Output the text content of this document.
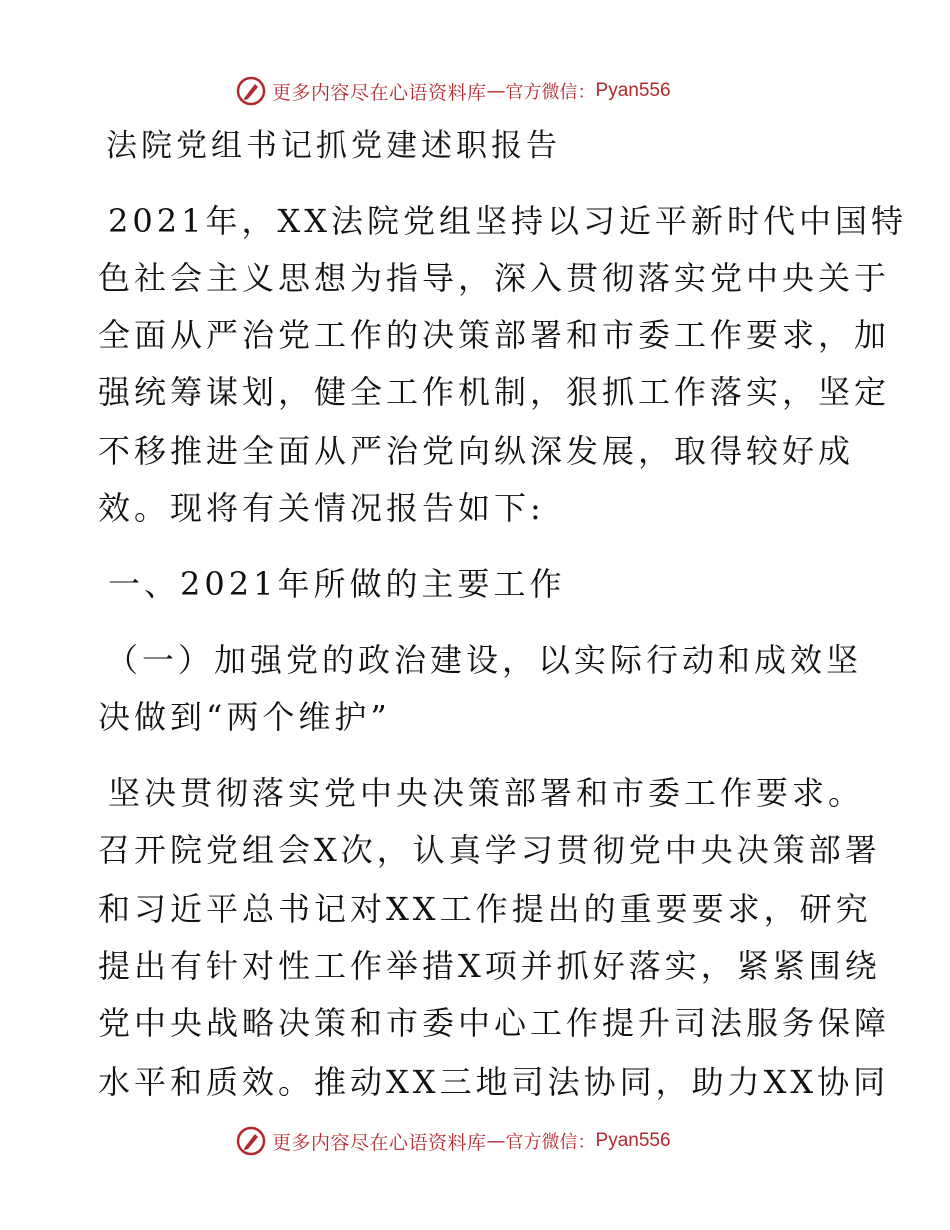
更多内容尽在心语资料库 — 官方微信： Pyan556

法院党组书记抓党建述职报告

2021年，XX法院党组坚持以习近平新时代中国特

色社会主义思想为指导，深入贯彻落实党中央关于

全面从严治党工作的决策部署和市委工作要求，加

强统筹谋划，健全工作机制，狠抓工作落实，坚定

不移推进全面从严治党向纵深发展，取得较好成

效。现将有关情况报告如下:

一、2021年所做的主要工作

（一）加强党的政治建设，以实际行动和成效坚

决做到“两个维护”

坚决贯彻落实党中央决策部署和市委工作要求。

召开院党组会X次，认真学习贯彻党中央决策部署

和习近平总书记对XX工作提出的重要要求，研究

提出有针对性工作举措X项并抓好落实，紧紧围绕

党中央战略决策和市委中心工作提升司法服务保障

水平和质效。推动XX三地司法协同，助力XX协同

更多内容尽在心语资料库 — 官方微信： Pyan556
